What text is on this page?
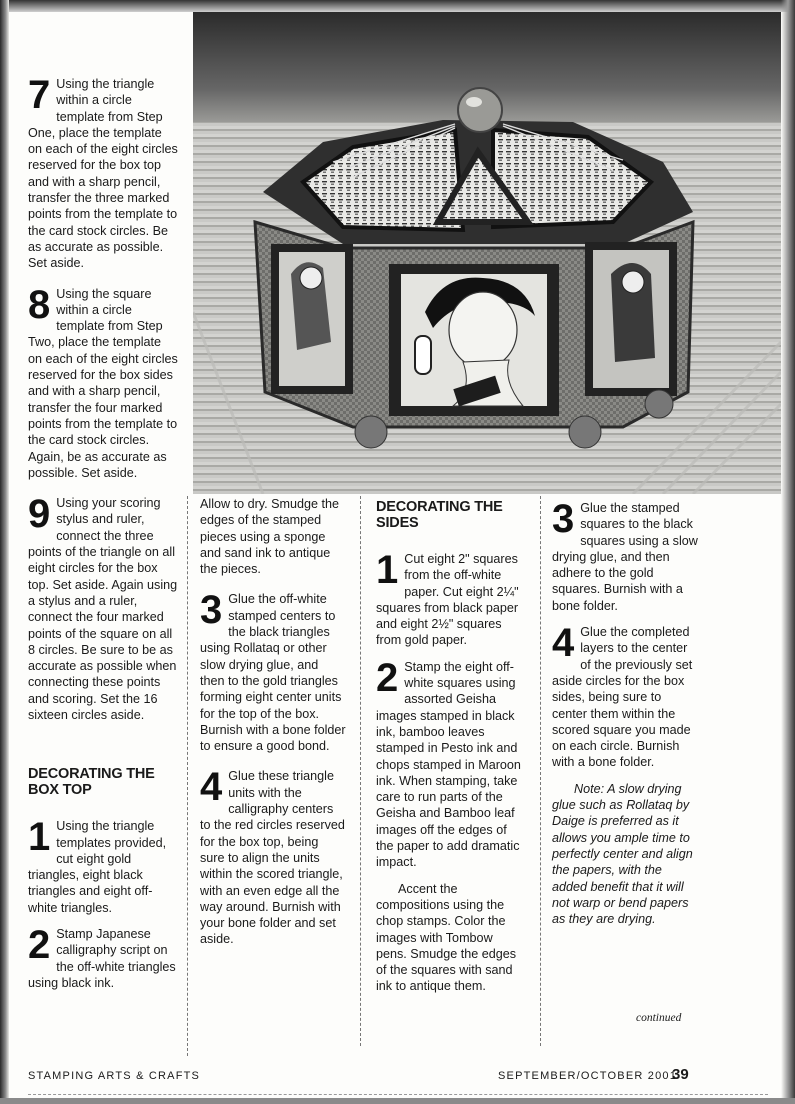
7 Using the triangle within a circle template from Step One, place the template on each of the eight circles reserved for the box top and with a sharp pencil, transfer the three marked points from the template to the card stock circles. Be as accurate as possible. Set aside.

8 Using the square within a circle template from Step Two, place the template on each of the eight circles reserved for the box sides and with a sharp pencil, transfer the four marked points from the template to the card stock circles. Again, be as accurate as possible. Set aside.

9 Using your scoring stylus and ruler, connect the three points of the triangle on all eight circles for the box top. Set aside. Again using a stylus and a ruler, connect the four marked points of the square on all 8 circles. Be sure to be as accurate as possible when connecting these points and scoring. Set the 16 sixteen circles aside.

DECORATING THE BOX TOP
1 Using the triangle templates provided, cut eight gold triangles, eight black triangles and eight off-white triangles.

2 Stamp Japanese calligraphy script on the off-white triangles using black ink.

Allow to dry. Smudge the edges of the stamped pieces using a sponge and sand ink to antique the pieces.

3 Glue the off-white stamped centers to the black triangles using Rollataq or other slow drying glue, and then to the gold triangles forming eight center units for the top of the box. Burnish with a bone folder to ensure a good bond.

4 Glue these triangle units with the calligraphy centers to the red circles reserved for the box top, being sure to align the units within the scored triangle, with an even edge all the way around. Burnish with your bone folder and set aside.

DECORATING THE SIDES
1 Cut eight 2" squares from the off-white paper. Cut eight 2¼" squares from black paper and eight 2½" squares from gold paper.

2 Stamp the eight off-white squares using assorted Geisha images stamped in black ink, bamboo leaves stamped in Pesto ink and chops stamped in Maroon ink. When stamping, take care to run parts of the Geisha and Bamboo leaf images off the edges of the paper to add dramatic impact.

Accent the compositions using the chop stamps. Color the images with Tombow pens. Smudge the edges of the squares with sand ink to antique them.

3 Glue the stamped squares to the black squares using a slow drying glue, and then adhere to the gold squares. Burnish with a bone folder.

4 Glue the completed layers to the center of the previously set aside circles for the box sides, being sure to center them within the scored square you made on each circle. Burnish with a bone folder.

Note: A slow drying glue such as Rollataq by Daige is preferred as it allows you ample time to perfectly center and align the papers, with the added benefit that it will not warp or bend papers as they are drying.

continued
STAMPING ARTS & CRAFTS	SEPTEMBER/OCTOBER 2001
39
